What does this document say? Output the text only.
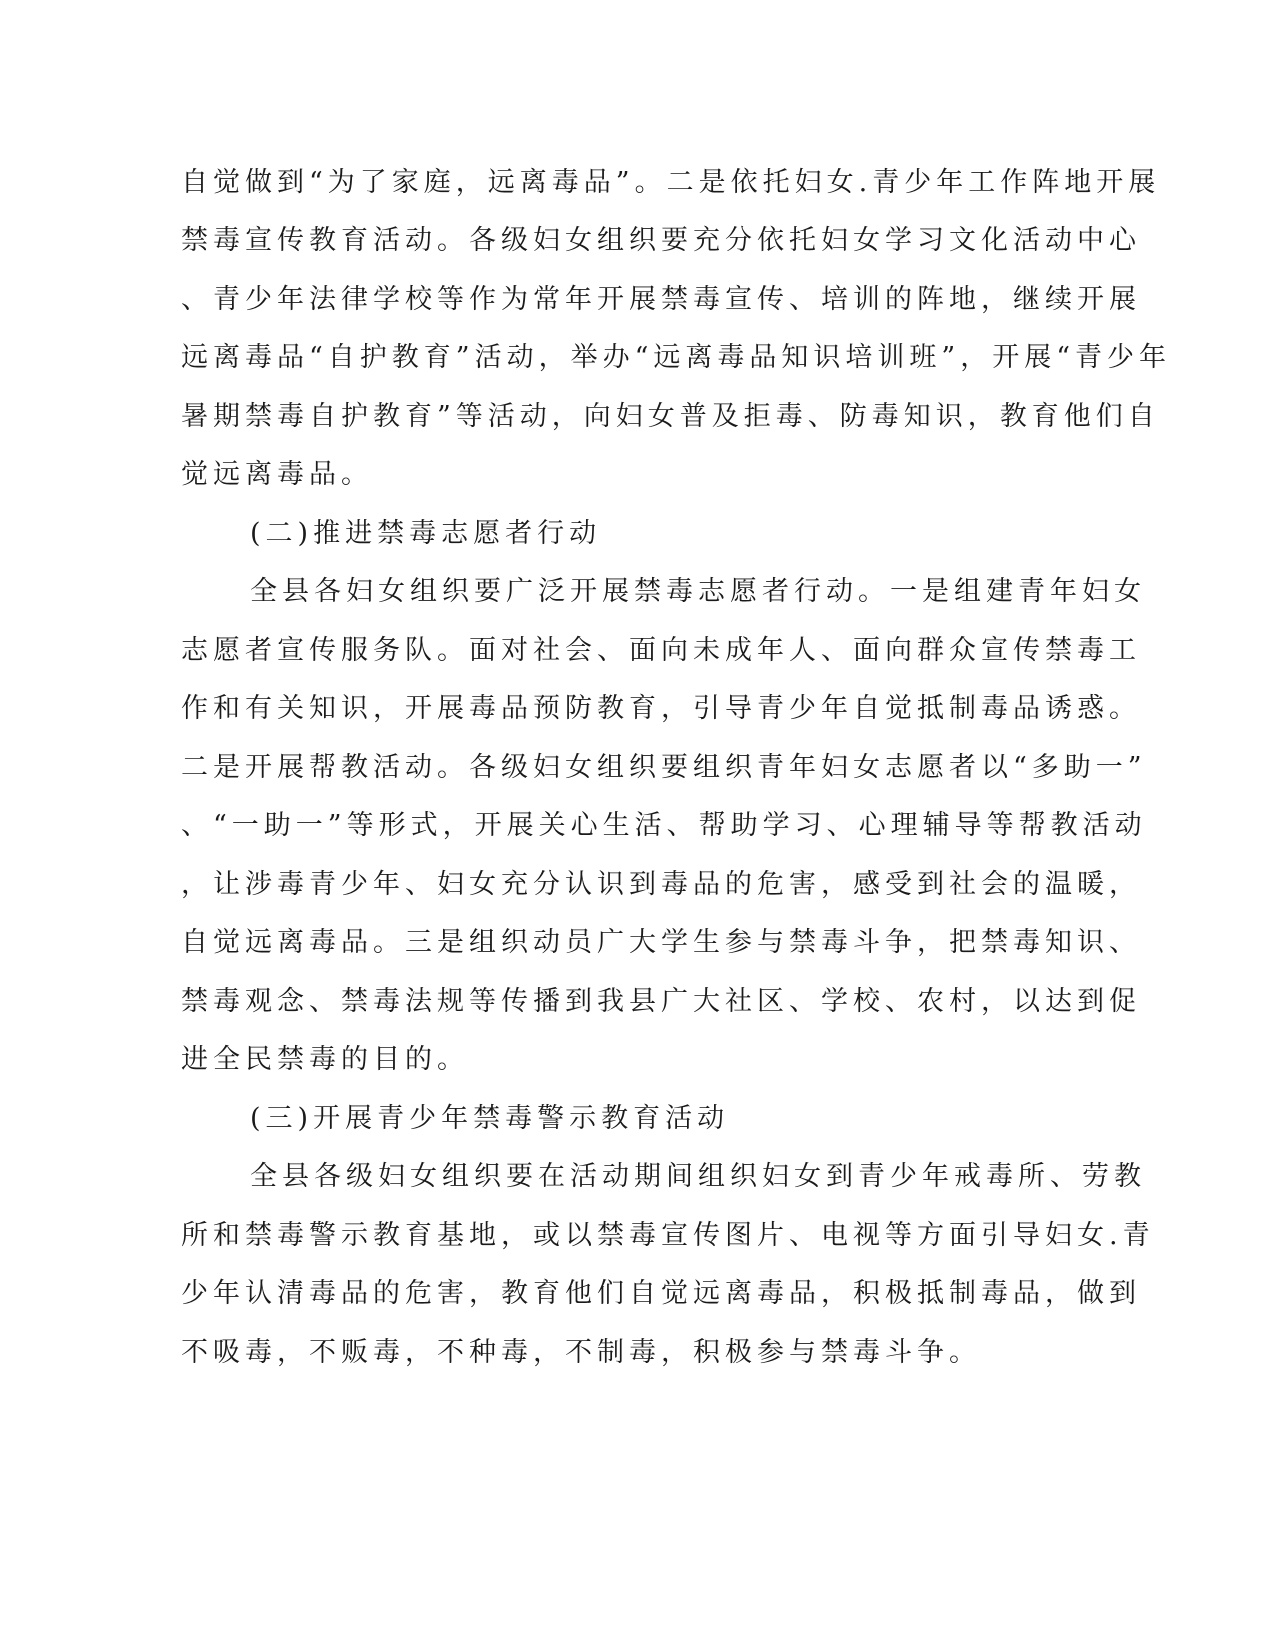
自觉做到“为了家庭，远离毒品”。二是依托妇女.青少年工作阵地开展
禁毒宣传教育活动。各级妇女组织要充分依托妇女学习文化活动中心
、青少年法律学校等作为常年开展禁毒宣传、培训的阵地，继续开展
远离毒品“自护教育”活动，举办“远离毒品知识培训班”，开展“青少年
暑期禁毒自护教育”等活动，向妇女普及拒毒、防毒知识，教育他们自
觉远离毒品。
(二)推进禁毒志愿者行动
全县各妇女组织要广泛开展禁毒志愿者行动。一是组建青年妇女
志愿者宣传服务队。面对社会、面向未成年人、面向群众宣传禁毒工
作和有关知识，开展毒品预防教育，引导青少年自觉抵制毒品诱惑。
二是开展帮教活动。各级妇女组织要组织青年妇女志愿者以“多助一”
、“一助一”等形式，开展关心生活、帮助学习、心理辅导等帮教活动
，让涉毒青少年、妇女充分认识到毒品的危害，感受到社会的温暖，
自觉远离毒品。三是组织动员广大学生参与禁毒斗争，把禁毒知识、
禁毒观念、禁毒法规等传播到我县广大社区、学校、农村，以达到促
进全民禁毒的目的。
(三)开展青少年禁毒警示教育活动
全县各级妇女组织要在活动期间组织妇女到青少年戒毒所、劳教
所和禁毒警示教育基地，或以禁毒宣传图片、电视等方面引导妇女.青
少年认清毒品的危害，教育他们自觉远离毒品，积极抵制毒品，做到
不吸毒，不贩毒，不种毒，不制毒，积极参与禁毒斗争。
